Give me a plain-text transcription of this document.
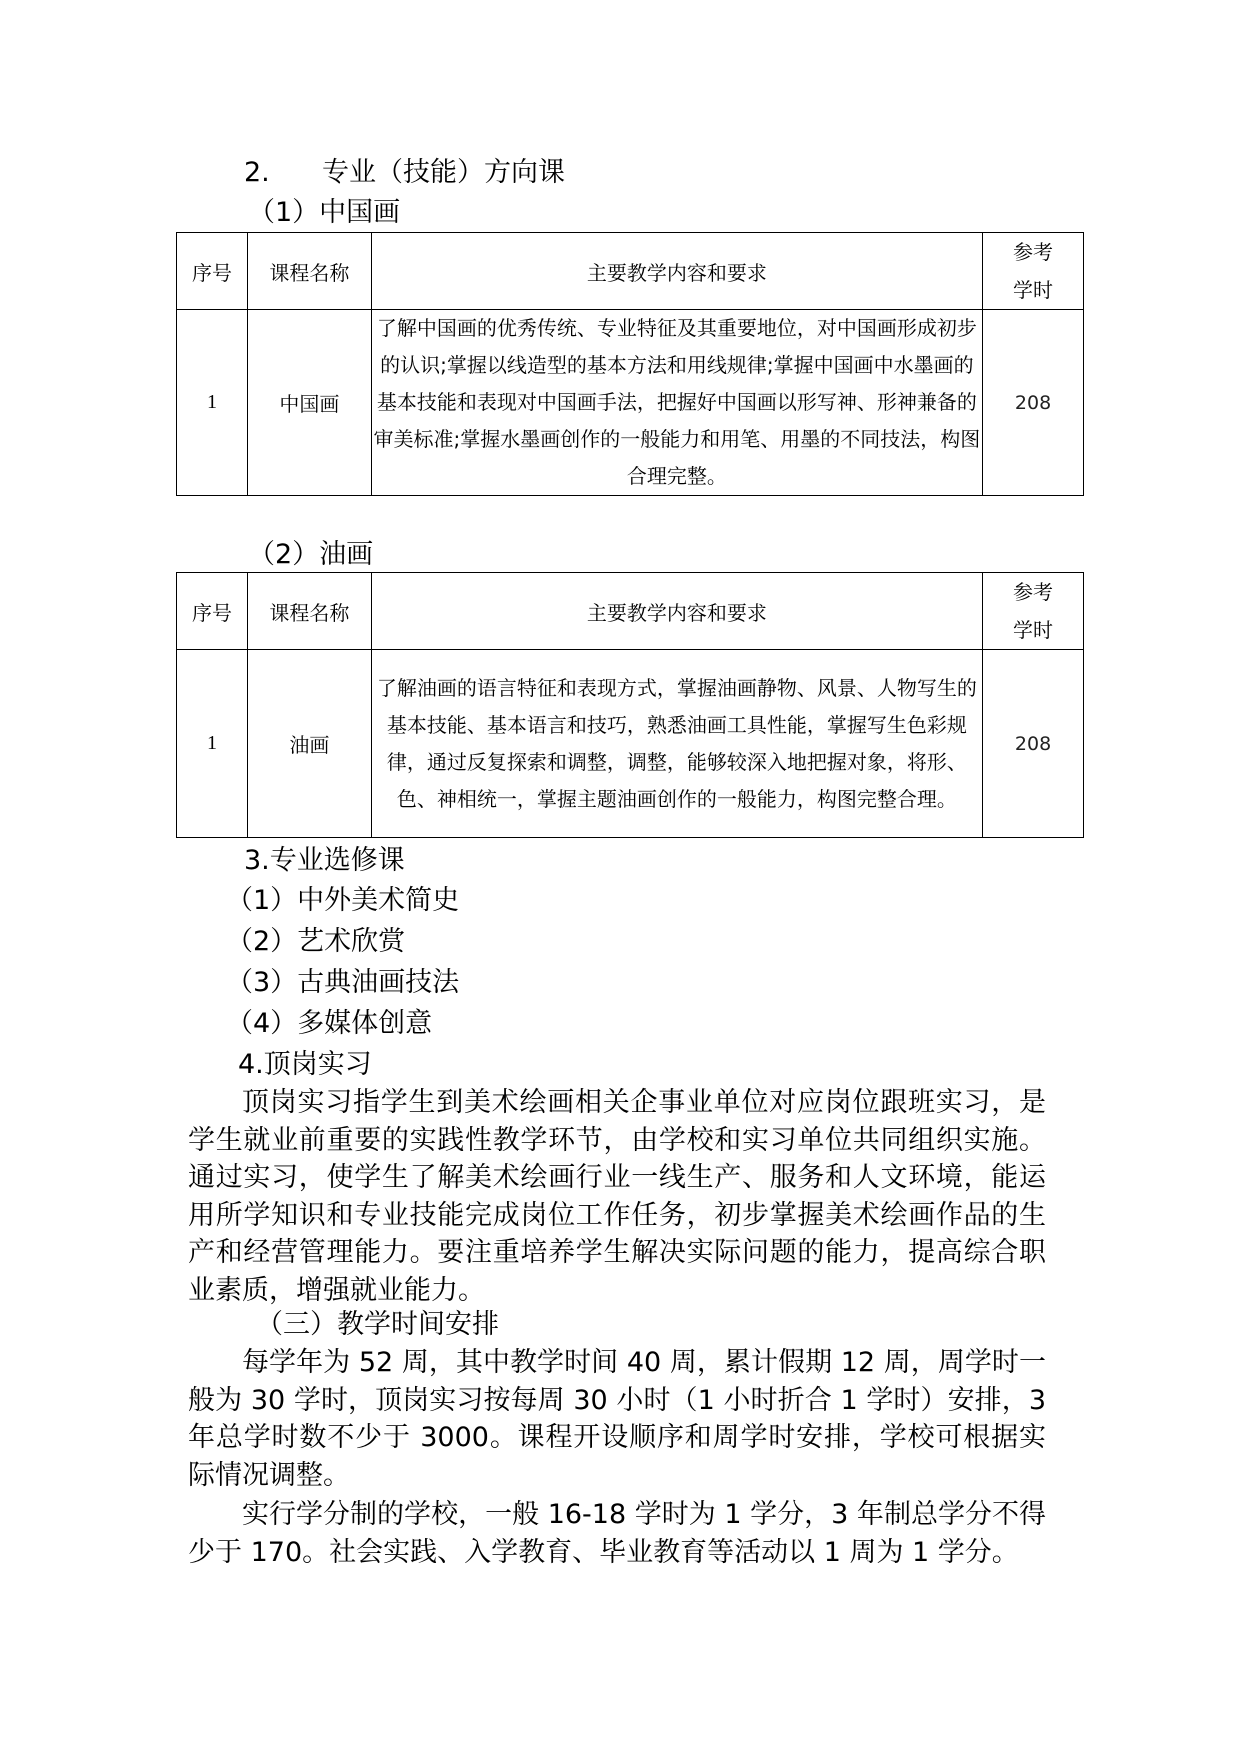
2. 专业（技能）方向课
（1）中国画
序号	课程名称	主要教学内容和要求	参考
学时

1	中国画	了解中国画的优秀传统、专业特征及其重要地位，对中国画形成初步的认识;掌握以线造型的基本方法和用线规律;掌握中国画中水墨画的基本技能和表现对中国画手法，把握好中国画以形写神、形神兼备的审美标准;掌握水墨画创作的一般能力和用笔、用墨的不同技法，构图合理完整。	208
（2）油画
序号	课程名称	主要教学内容和要求	参考
学时

1	油画	了解油画的语言特征和表现方式，掌握油画静物、风景、人物写生的基本技能、基本语言和技巧，熟悉油画工具性能，掌握写生色彩规律，通过反复探索和调整，调整，能够较深入地把握对象，将形、色、神相统一，掌握主题油画创作的一般能力，构图完整合理。	208
3.专业选修课
（1）中外美术简史
（2）艺术欣赏
（3）古典油画技法
（4）多媒体创意
4.顶岗实习

顶岗实习指学生到美术绘画相关企事业单位对应岗位跟班实习，是学生就业前重要的实践性教学环节，由学校和实习单位共同组织实施。通过实习，使学生了解美术绘画行业一线生产、服务和人文环境，能运用所学知识和专业技能完成岗位工作任务，初步掌握美术绘画作品的生产和经营管理能力。要注重培养学生解决实际问题的能力，提高综合职业素质，增强就业能力。

（三）教学时间安排

每学年为 52 周，其中教学时间 40 周，累计假期 12 周，周学时一般为 30 学时，顶岗实习按每周 30 小时（1 小时折合 1 学时）安排，3 年总学时数不少于 3000。课程开设顺序和周学时安排，学校可根据实际情况调整。

实行学分制的学校，一般 16-18 学时为 1 学分，3 年制总学分不得少于 170。社会实践、入学教育、毕业教育等活动以 1 周为 1 学分。
